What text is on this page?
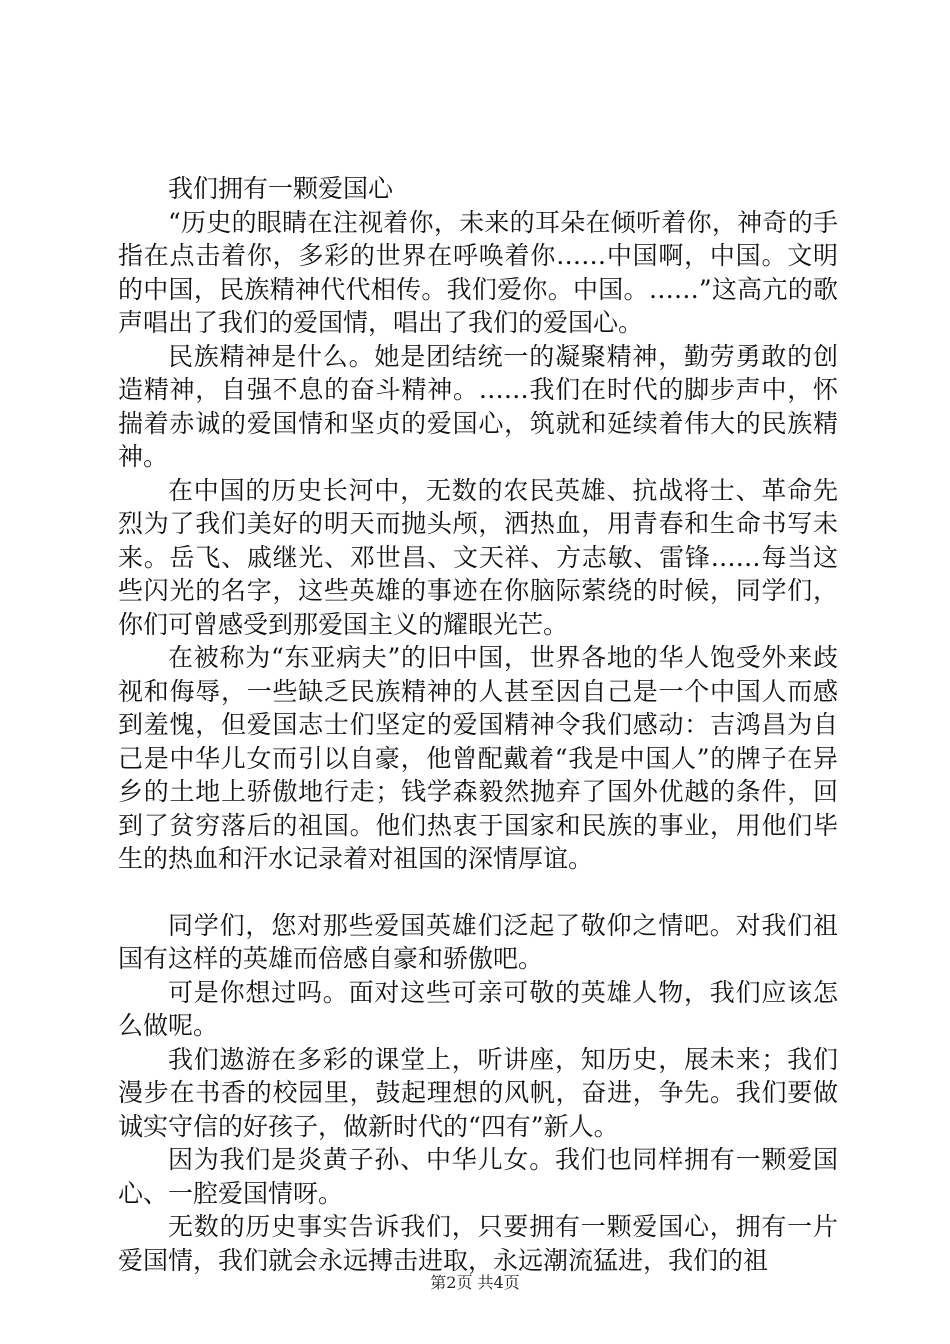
我们拥有一颗爱国心

“历史的眼睛在注视着你，未来的耳朵在倾听着你，神奇的手指在点击着你，多彩的世界在呼唤着你……中国啊，中国。文明的中国，民族精神代代相传。我们爱你。中国。……”这高亢的歌声唱出了我们的爱国情，唱出了我们的爱国心。

民族精神是什么。她是团结统一的凝聚精神，勤劳勇敢的创造精神，自强不息的奋斗精神。……我们在时代的脚步声中，怀揣着赤诚的爱国情和坚贞的爱国心，筑就和延续着伟大的民族精神。

在中国的历史长河中，无数的农民英雄、抗战将士、革命先烈为了我们美好的明天而抛头颅，洒热血，用青春和生命书写未来。岳飞、戚继光、邓世昌、文天祥、方志敏、雷锋……每当这些闪光的名字，这些英雄的事迹在你脑际萦绕的时候，同学们，你们可曾感受到那爱国主义的耀眼光芒。

在被称为“东亚病夫”的旧中国，世界各地的华人饱受外来歧视和侮辱，一些缺乏民族精神的人甚至因自己是一个中国人而感到羞愧，但爱国志士们坚定的爱国精神令我们感动：吉鸿昌为自己是中华儿女而引以自豪，他曾配戴着“我是中国人”的牌子在异乡的土地上骄傲地行走；钱学森毅然抛弃了国外优越的条件，回到了贫穷落后的祖国。他们热衷于国家和民族的事业，用他们毕生的热血和汗水记录着对祖国的深情厚谊。

同学们，您对那些爱国英雄们泛起了敬仰之情吧。对我们祖国有这样的英雄而倍感自豪和骄傲吧。

可是你想过吗。面对这些可亲可敬的英雄人物，我们应该怎么做呢。

我们遨游在多彩的课堂上，听讲座，知历史，展未来；我们漫步在书香的校园里，鼓起理想的风帆，奋进，争先。我们要做诚实守信的好孩子，做新时代的“四有”新人。

因为我们是炎黄子孙、中华儿女。我们也同样拥有一颗爱国心、一腔爱国情呀。

无数的历史事实告诉我们，只要拥有一颗爱国心，拥有一片爱国情，我们就会永远搏击进取，永远潮流猛进，我们的祖

第2页 共4页
